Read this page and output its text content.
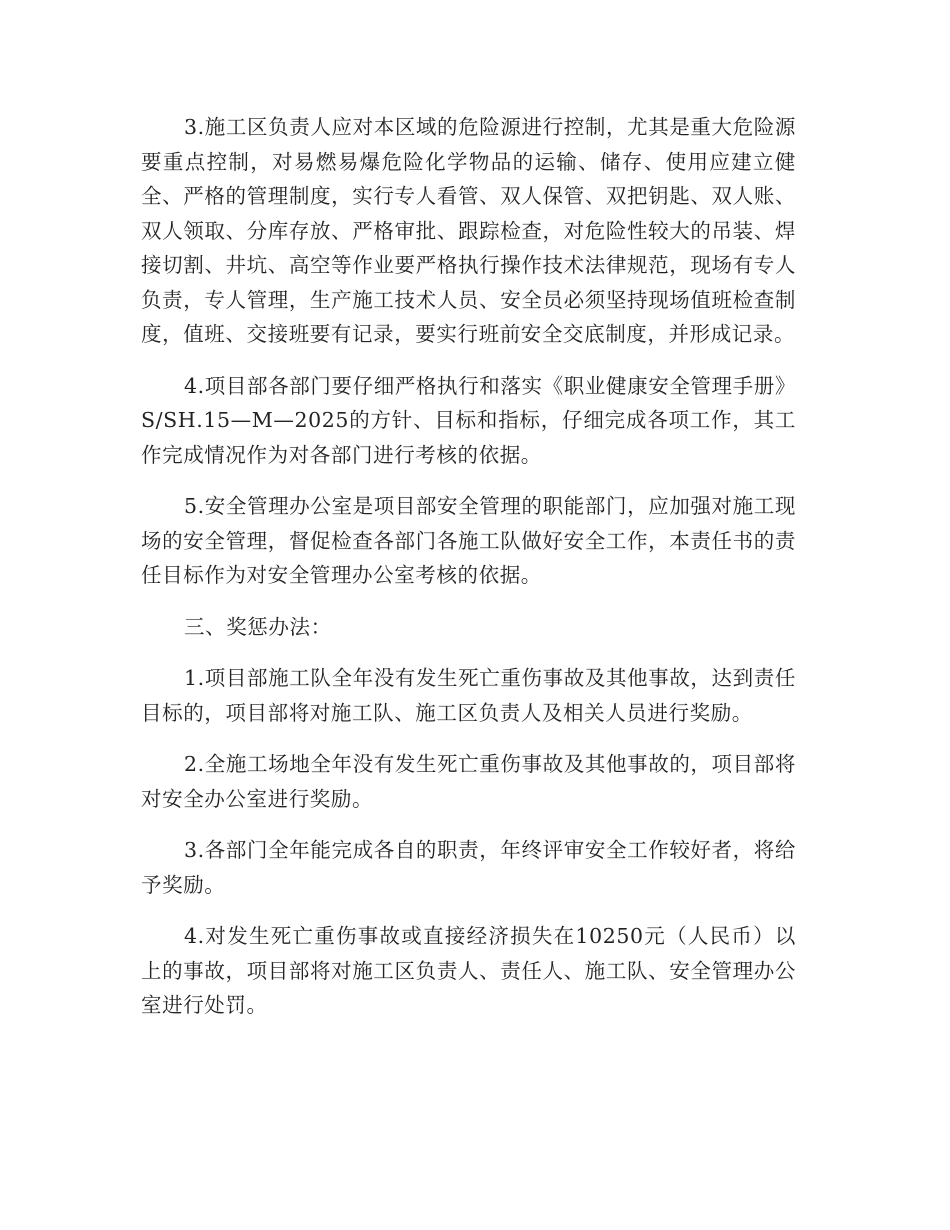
3.施工区负责人应对本区域的危险源进行控制，尤其是重大危险源要重点控制，对易燃易爆危险化学物品的运输、储存、使用应建立健全、严格的管理制度，实行专人看管、双人保管、双把钥匙、双人账、双人领取、分库存放、严格审批、跟踪检查，对危险性较大的吊装、焊接切割、井坑、高空等作业要严格执行操作技术法律规范，现场有专人负责，专人管理，生产施工技术人员、安全员必须坚持现场值班检查制度，值班、交接班要有记录，要实行班前安全交底制度，并形成记录。

4.项目部各部门要仔细严格执行和落实《职业健康安全管理手册》S/SH.15—M—2025的方针、目标和指标，仔细完成各项工作，其工作完成情况作为对各部门进行考核的依据。

5.安全管理办公室是项目部安全管理的职能部门，应加强对施工现场的安全管理，督促检查各部门各施工队做好安全工作，本责任书的责任目标作为对安全管理办公室考核的依据。

三、奖惩办法：

1.项目部施工队全年没有发生死亡重伤事故及其他事故，达到责任目标的，项目部将对施工队、施工区负责人及相关人员进行奖励。

2.全施工场地全年没有发生死亡重伤事故及其他事故的，项目部将对安全办公室进行奖励。

3.各部门全年能完成各自的职责，年终评审安全工作较好者，将给予奖励。

4.对发生死亡重伤事故或直接经济损失在10250元（人民币）以上的事故，项目部将对施工区负责人、责任人、施工队、安全管理办公室进行处罚。
